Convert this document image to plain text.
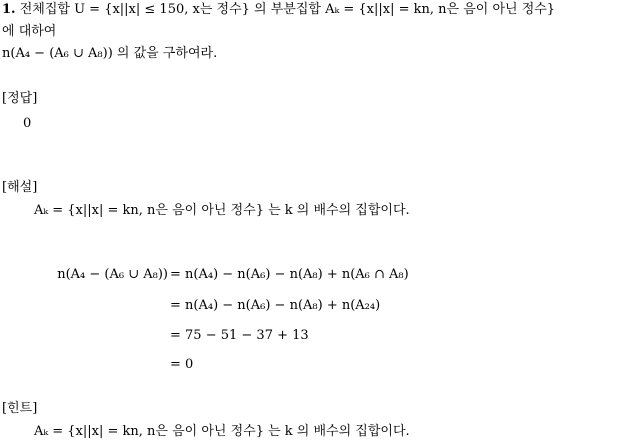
1. 전체집합 U = {x||x| ≤ 150, x는 정수} 의 부분집합 Aₖ = {x||x| = kn, n은 음이 아닌 정수}
에 대하여
n(A₄ − (A₆ ∪ A₈)) 의 값을 구하여라.
[정답]
0
[해설]
Aₖ = {x||x| = kn, n은 음이 아닌 정수} 는 k 의 배수의 집합이다.
n(A₄ − (A₆ ∪ A₈)) = n(A₄) − n(A₆) − n(A₈) + n(A₆ ∩ A₈)
= n(A₄) − n(A₆) − n(A₈) + n(A₂₄)
= 75 − 51 − 37 + 13
= 0
[힌트]
Aₖ = {x||x| = kn, n은 음이 아닌 정수} 는 k 의 배수의 집합이다.
